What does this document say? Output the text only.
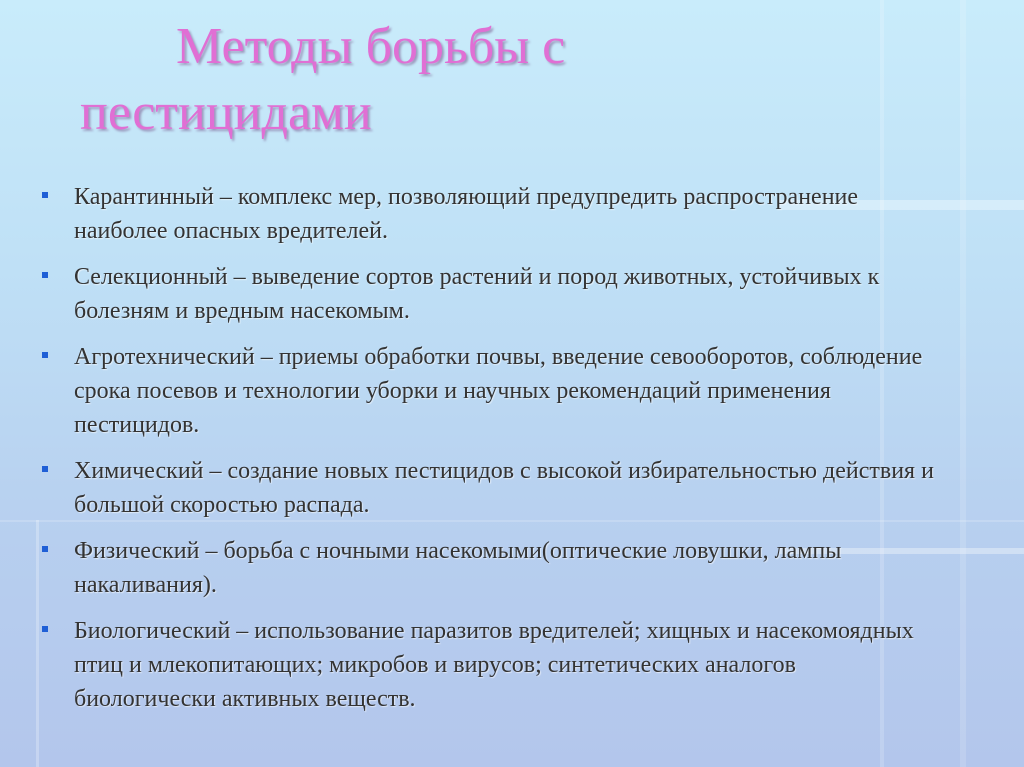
Методы борьбы с
пестицидами
Карантинный – комплекс мер, позволяющий предупредить распространение наиболее опасных вредителей.
Селекционный – выведение сортов растений и пород животных, устойчивых к болезням и вредным насекомым.
Агротехнический – приемы обработки почвы, введение севооборотов, соблюдение срока посевов и технологии уборки и научных рекомендаций применения пестицидов.
Химический – создание новых пестицидов с высокой избирательностью действия и большой скоростью распада.
Физический – борьба с ночными насекомыми(оптические ловушки, лампы накаливания).
Биологический – использование паразитов вредителей; хищных и насекомоядных птиц и млекопитающих; микробов и вирусов; синтетических аналогов биологически активных веществ.
